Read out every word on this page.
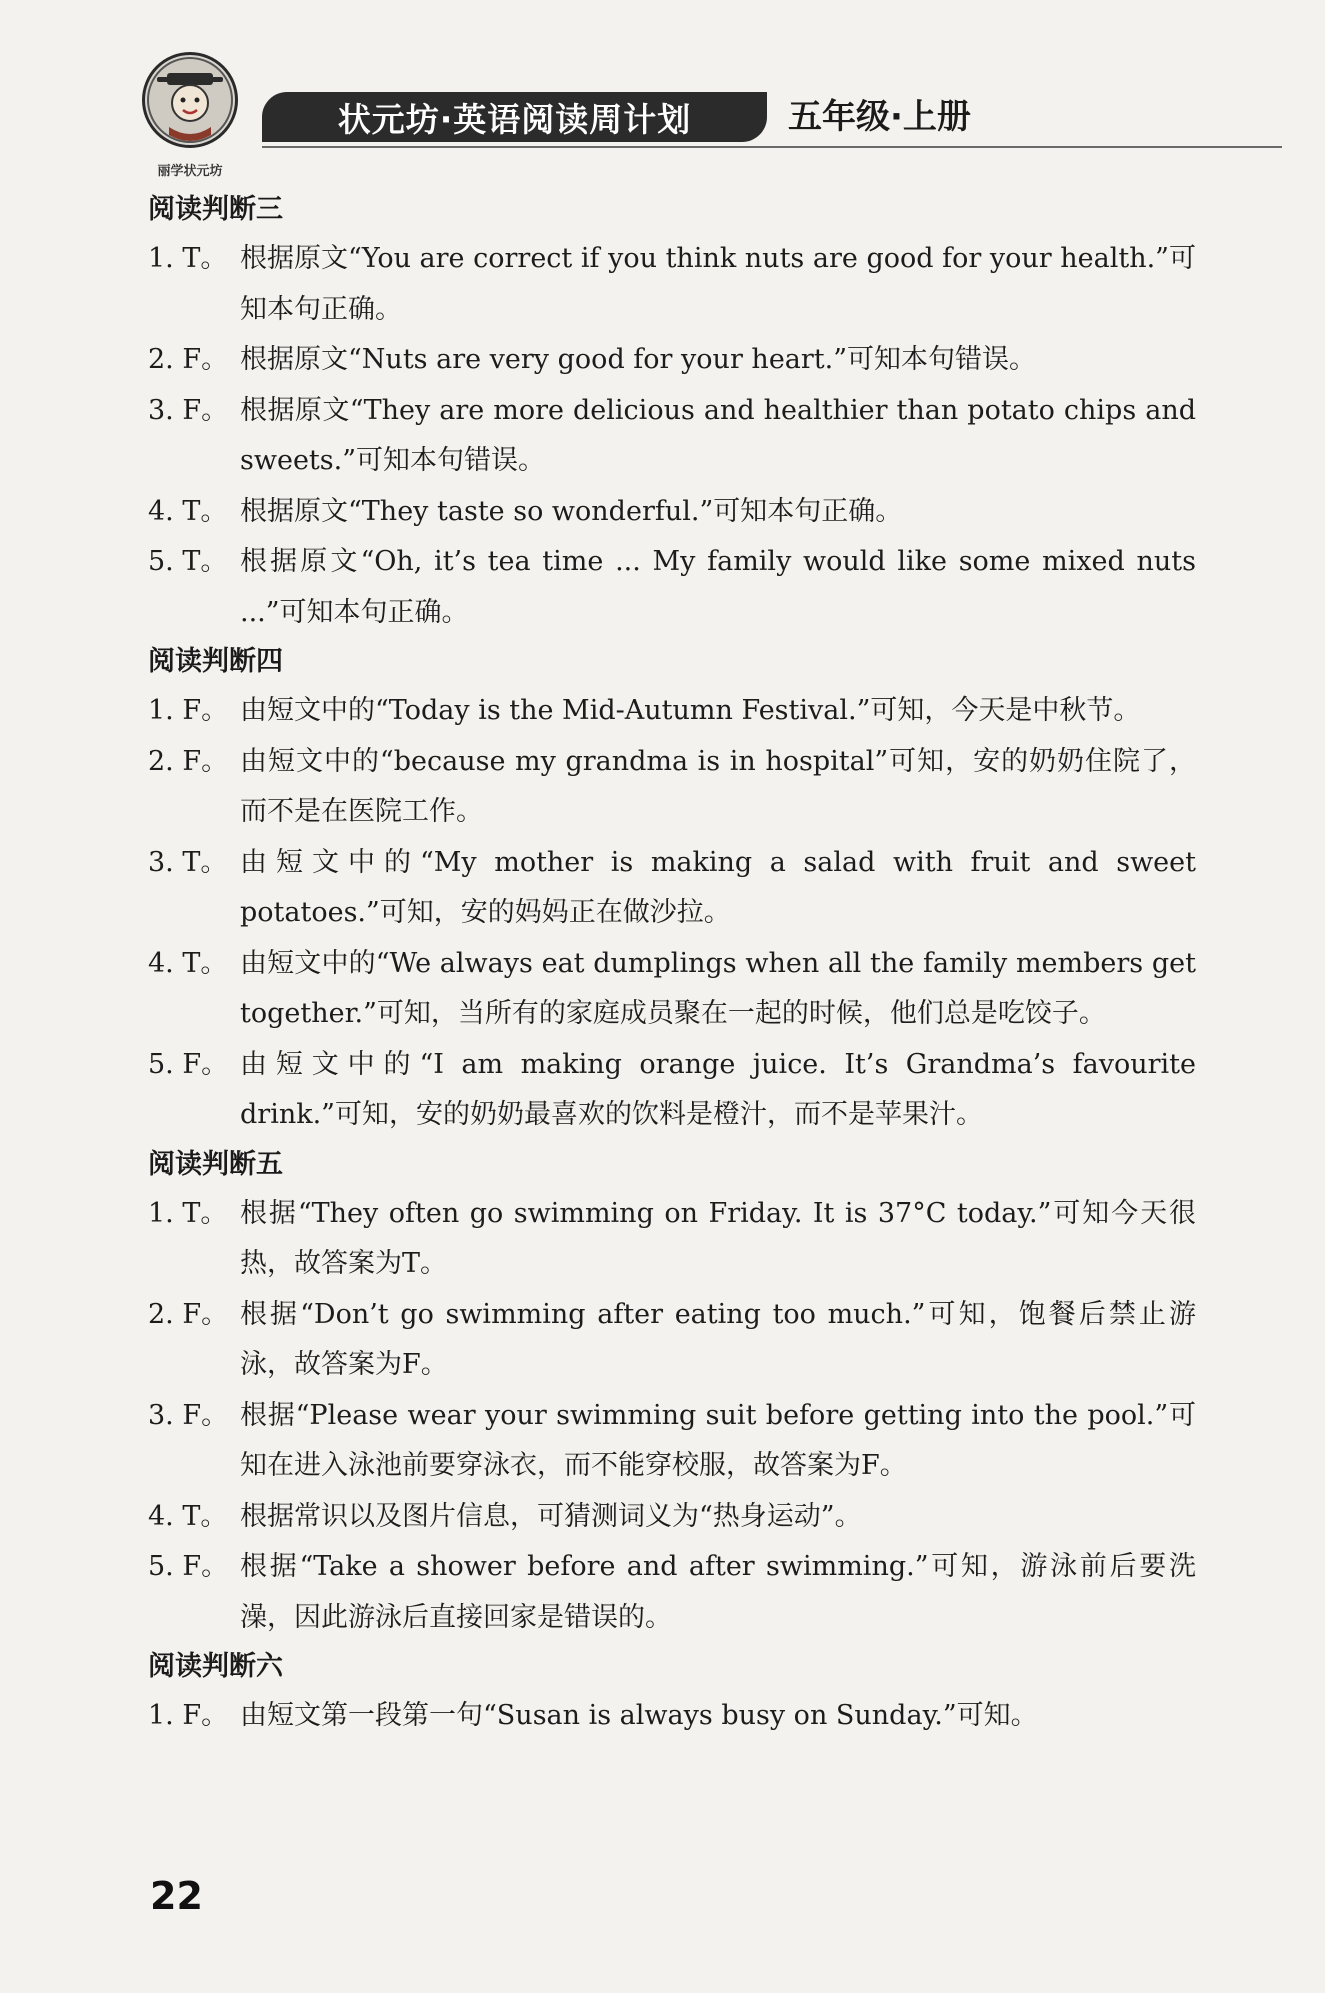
丽学状元坊
状元坊·英语阅读周计划	五年级·上册
阅读判断三
1. T。 根据原文“You are correct if you think nuts are good for your health.”可知本句正确。
2. F。 根据原文“Nuts are very good for your heart.”可知本句错误。
3. F。 根据原文“They are more delicious and healthier than potato chips and sweets.”可知本句错误。
4. T。 根据原文“They taste so wonderful.”可知本句正确。
5. T。 根据原文“Oh, it’s tea time ... My family would like some mixed nuts ...”可知本句正确。
阅读判断四
1. F。 由短文中的“Today is the Mid-Autumn Festival.”可知，今天是中秋节。
2. F。 由短文中的“because my grandma is in hospital”可知，安的奶奶住院了，而不是在医院工作。
3. T。 由短文中的“My mother is making a salad with fruit and sweet potatoes.”可知，安的妈妈正在做沙拉。
4. T。 由短文中的“We always eat dumplings when all the family members get together.”可知，当所有的家庭成员聚在一起的时候，他们总是吃饺子。
5. F。 由短文中的“I am making orange juice. It’s Grandma’s favourite drink.”可知，安的奶奶最喜欢的饮料是橙汁，而不是苹果汁。
阅读判断五
1. T。 根据“They often go swimming on Friday. It is 37°C today.”可知今天很热，故答案为T。
2. F。 根据“Don’t go swimming after eating too much.”可知，饱餐后禁止游泳，故答案为F。
3. F。 根据“Please wear your swimming suit before getting into the pool.”可知在进入泳池前要穿泳衣，而不能穿校服，故答案为F。
4. T。 根据常识以及图片信息，可猜测词义为“热身运动”。
5. F。 根据“Take a shower before and after swimming.”可知，游泳前后要洗澡，因此游泳后直接回家是错误的。
阅读判断六
1. F。 由短文第一段第一句“Susan is always busy on Sunday.”可知。
22
